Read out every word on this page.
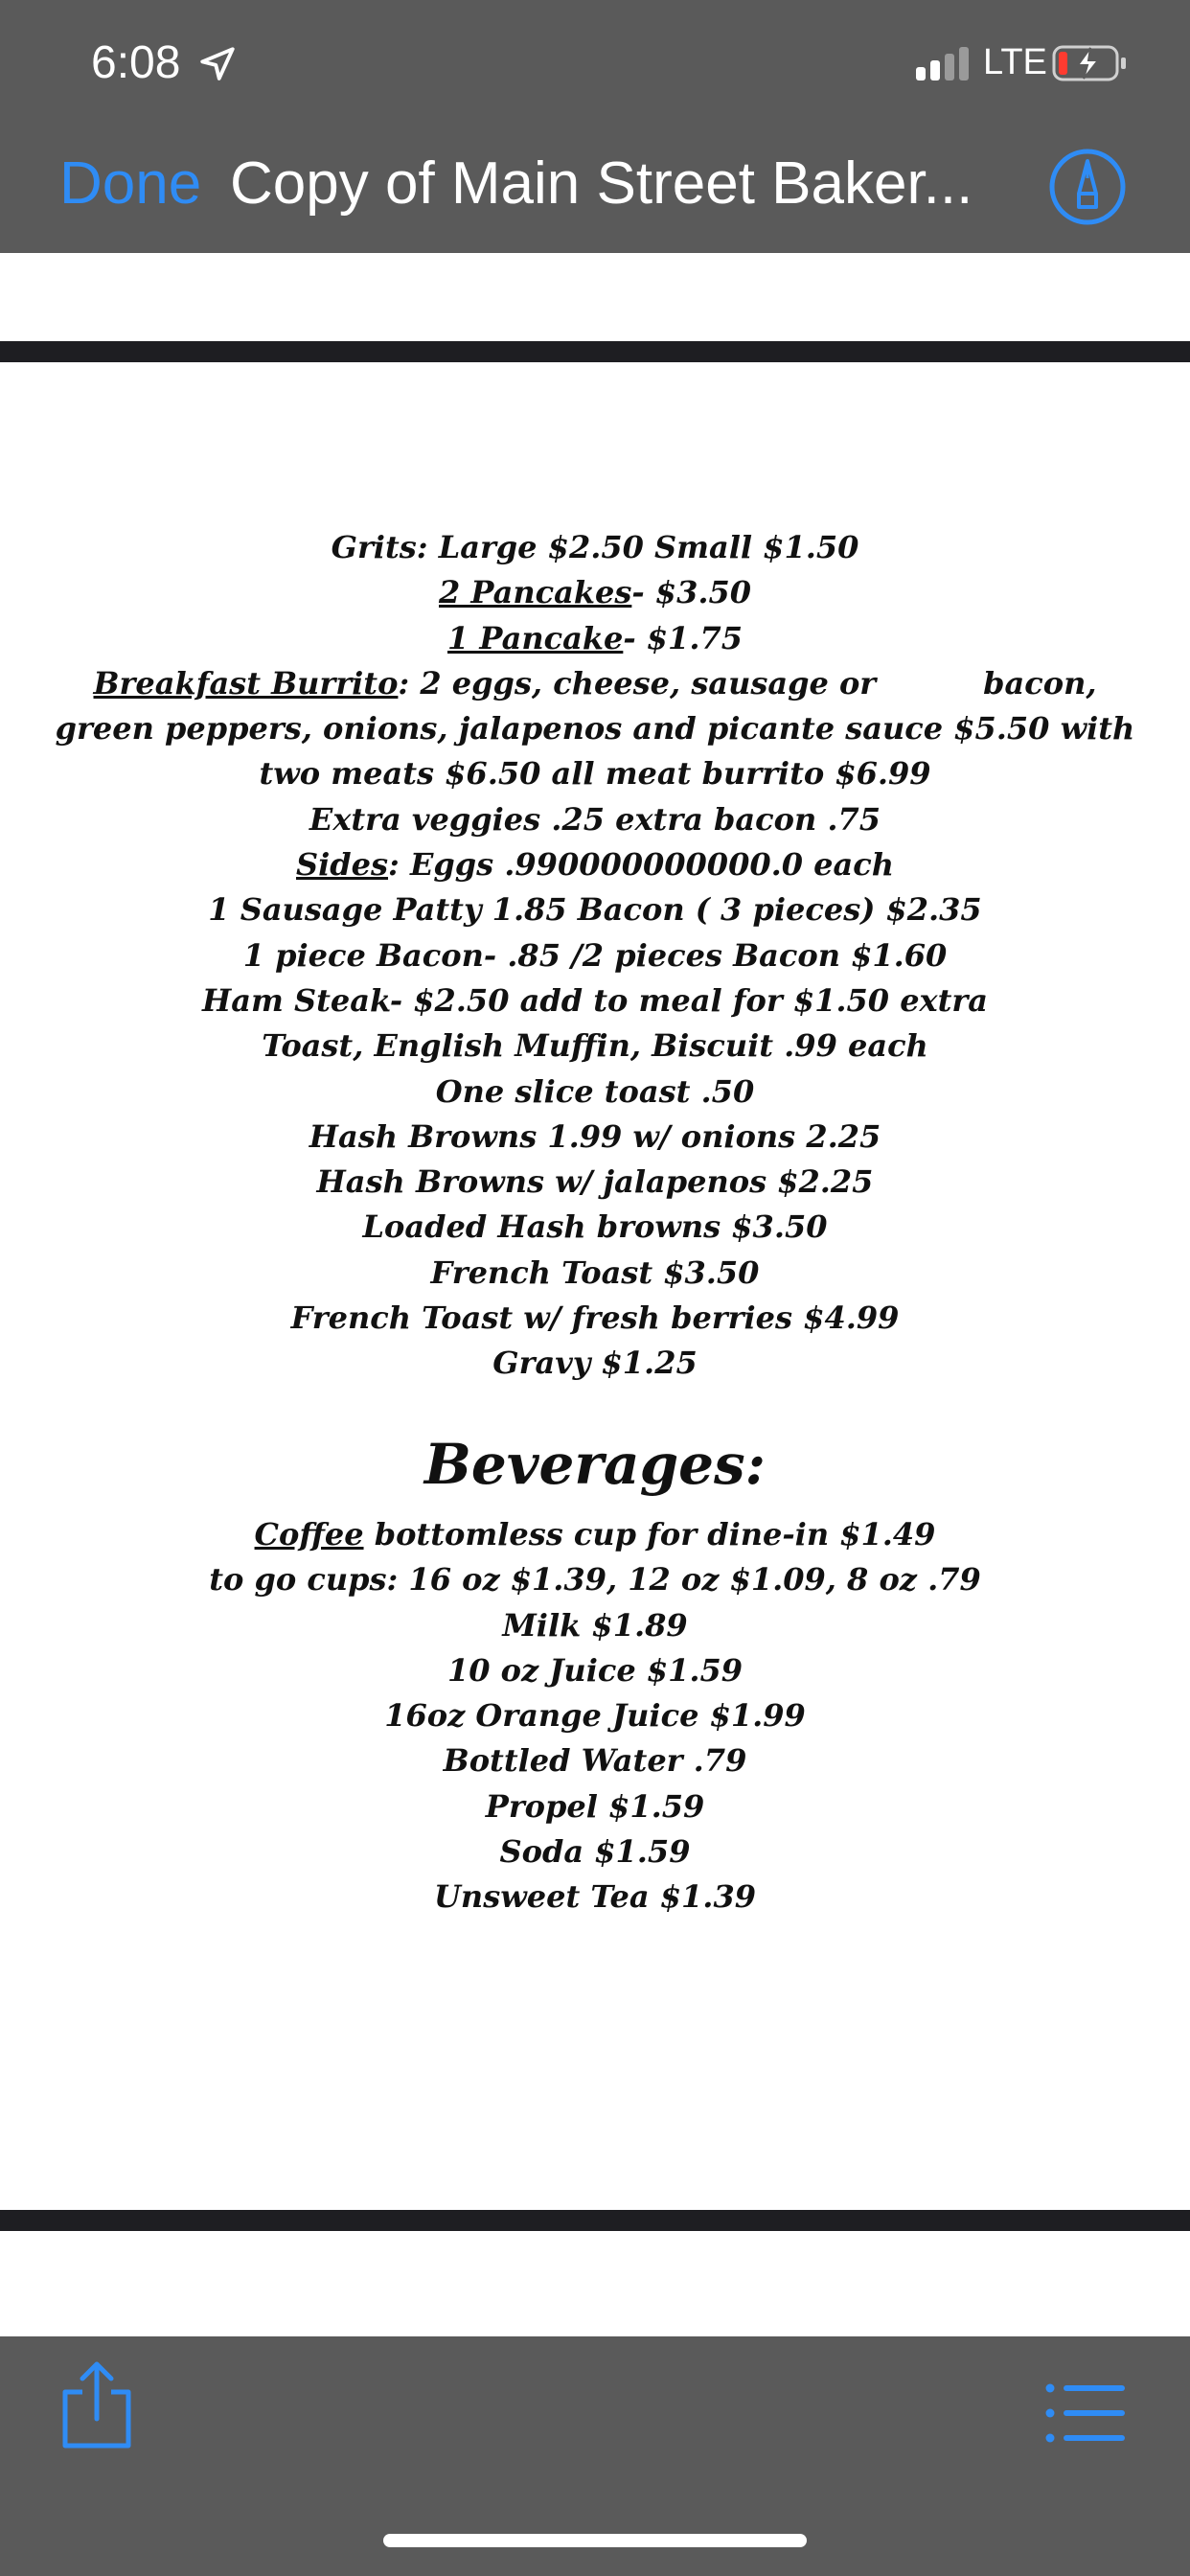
6:08	LTE
Done Copy of Main Street Baker...
Grits: Large $2.50 Small $1.50
2 Pancakes- $3.50
1 Pancake- $1.75
Breakfast Burrito: 2 eggs, cheese, sausage or	bacon,
green peppers, onions, jalapenos and picante sauce $5.50 with
two meats $6.50 all meat burrito $6.99
Extra veggies .25 extra bacon .75
Sides: Eggs .990000000000.0 each
1 Sausage Patty 1.85 Bacon ( 3 pieces) $2.35
1 piece Bacon- .85 /2 pieces Bacon $1.60
Ham Steak- $2.50 add to meal for $1.50 extra
Toast, English Muffin, Biscuit .99 each
One slice toast .50
Hash Browns 1.99 w/ onions 2.25
Hash Browns w/ jalapenos $2.25
Loaded Hash browns $3.50
French Toast $3.50
French Toast w/ fresh berries $4.99
Gravy $1.25
Beverages:
Coffee bottomless cup for dine-in $1.49
to go cups: 16 oz $1.39, 12 oz $1.09, 8 oz .79
Milk $1.89
10 oz Juice $1.59
16oz Orange Juice $1.99
Bottled Water .79
Propel $1.59
Soda $1.59
Unsweet Tea $1.39
